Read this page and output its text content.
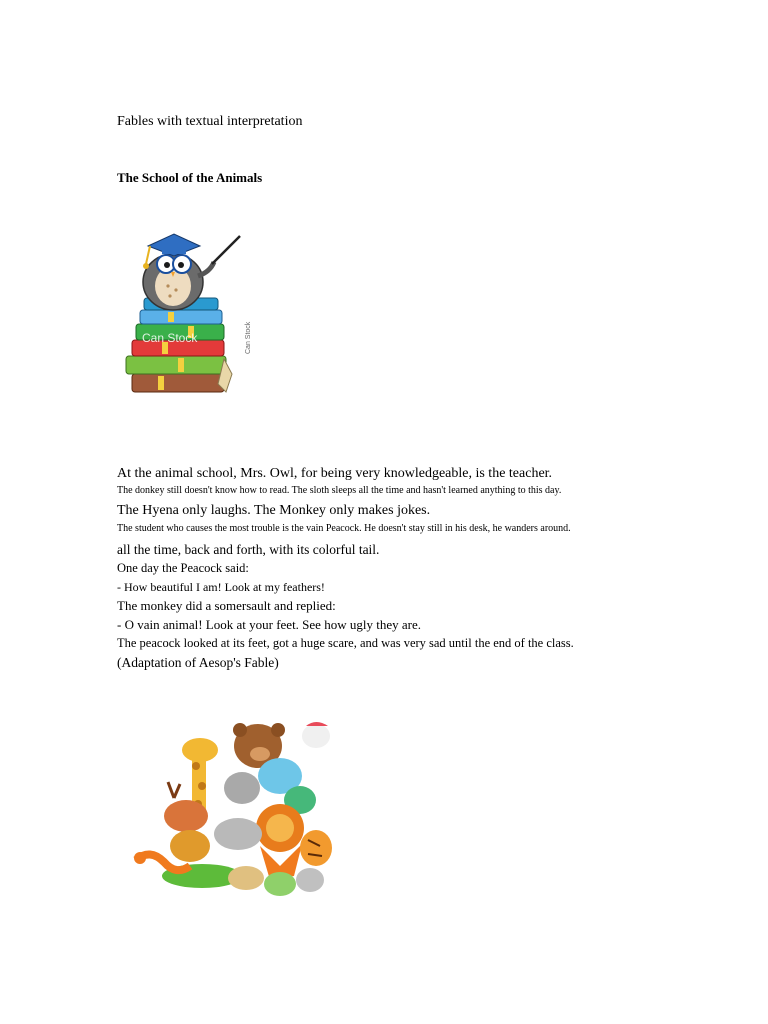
Fables with textual interpretation
The School of the Animals
Can Stock	Can Stock
At the animal school, Mrs. Owl, for being very knowledgeable, is the teacher.
The donkey still doesn't know how to read. The sloth sleeps all the time and hasn't learned anything to this day.
The Hyena only laughs. The Monkey only makes jokes.
The student who causes the most trouble is the vain Peacock. He doesn't stay still in his desk, he wanders around.
all the time, back and forth, with its colorful tail.
One day the Peacock said:
- How beautiful I am! Look at my feathers!
The monkey did a somersault and replied:
- O vain animal! Look at your feet. See how ugly they are.
The peacock looked at its feet, got a huge scare, and was very sad until the end of the class.
(Adaptation of Aesop's Fable)
